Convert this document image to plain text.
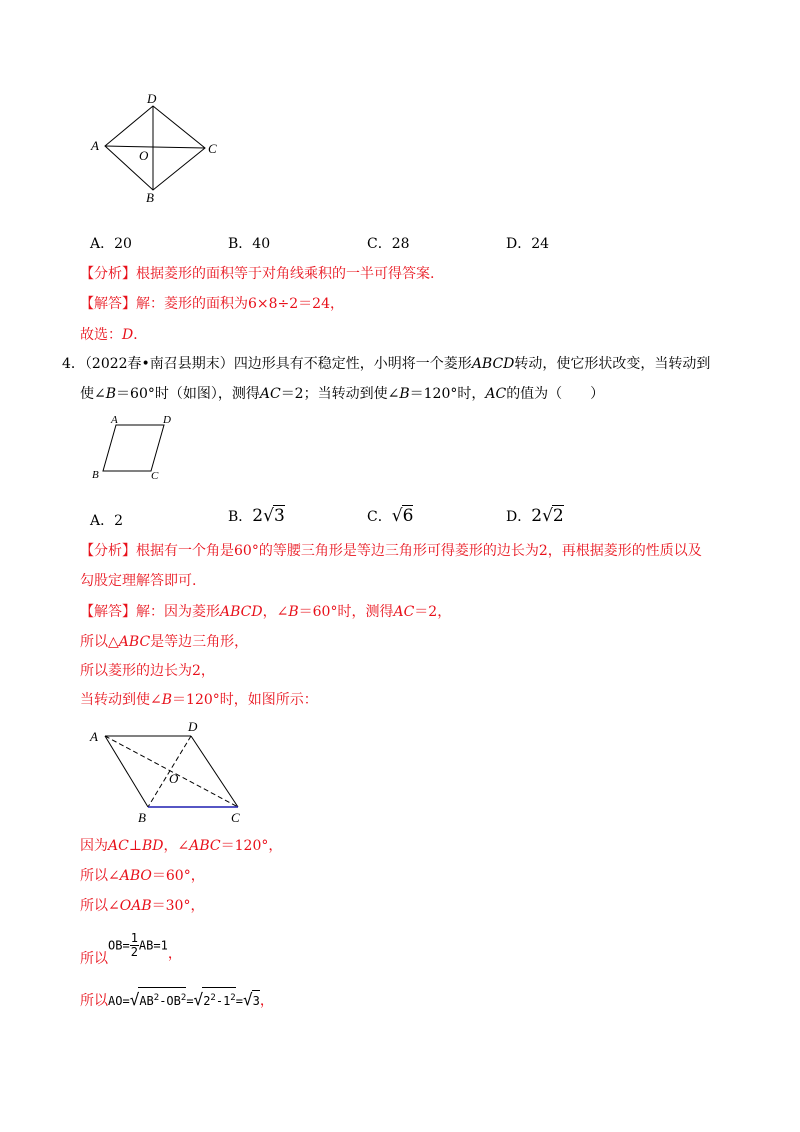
D
A	C
O
B
A．20	B．40	C．28	D．24
【分析】根据菱形的面积等于对角线乘积的一半可得答案.
【解答】解：菱形的面积为6×8÷2＝24，
故选：D．
4．（2022春•南召县期末）四边形具有不稳定性，小明将一个菱形ABCD转动，使它形状改变，当转动到
使∠B＝60°时（如图），测得AC＝2；当转动到使∠B＝120°时，AC的值为（　　）
A	D
B	C
A．2	B．2√3	C．√6	D．2√2
【分析】根据有一个角是60°的等腰三角形是等边三角形可得菱形的边长为2，再根据菱形的性质以及
勾股定理解答即可.
【解答】解：因为菱形ABCD，∠B＝60°时，测得AC＝2，
所以△ABC是等边三角形，
所以菱形的边长为2，
当转动到使∠B＝120°时，如图所示：
A
D
O
B	C
因为AC⊥BD，∠ABC＝120°，
所以∠ABO＝60°，
所以∠OAB＝30°，
所以$OB= \frac{1}{2} AB=1$，
所以$AO=√AB^2-OB^2=√2^2-1^2=√3$，
